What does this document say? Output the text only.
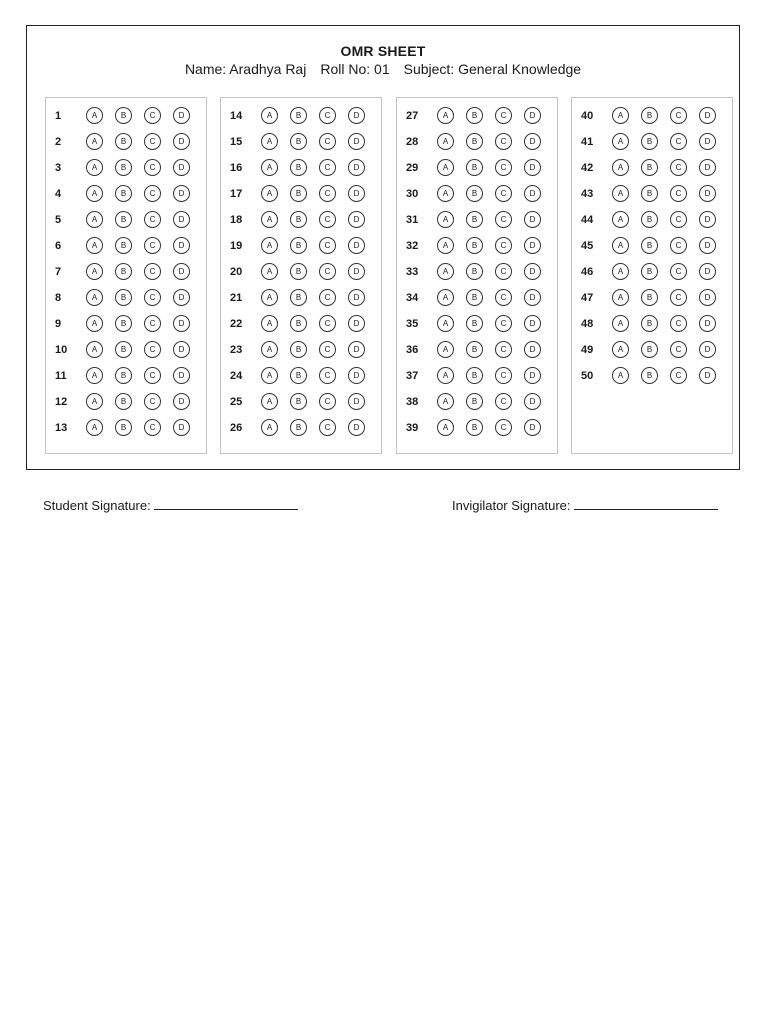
OMR SHEET
Name: Aradhya Raj Roll No: 01 Subject: General Knowledge
1	A	B	C	D
2	A	B	C	D
3	A	B	C	D
4	A	B	C	D
5	A	B	C	D
6	A	B	C	D
7	A	B	C	D
8	A	B	C	D
9	A	B	C	D
10	A	B	C	D
11	A	B	C	D
12	A	B	C	D
13	A	B	C	D
14	A	B	C	D
15	A	B	C	D
16	A	B	C	D
17	A	B	C	D
18	A	B	C	D
19	A	B	C	D
20	A	B	C	D
21	A	B	C	D
22	A	B	C	D
23	A	B	C	D
24	A	B	C	D
25	A	B	C	D
26	A	B	C	D
27	A	B	C	D
28	A	B	C	D
29	A	B	C	D
30	A	B	C	D
31	A	B	C	D
32	A	B	C	D
33	A	B	C	D
34	A	B	C	D
35	A	B	C	D
36	A	B	C	D
37	A	B	C	D
38	A	B	C	D
39	A	B	C	D
40	A	B	C	D
41	A	B	C	D
42	A	B	C	D
43	A	B	C	D
44	A	B	C	D
45	A	B	C	D
46	A	B	C	D
47	A	B	C	D
48	A	B	C	D
49	A	B	C	D
50	A	B	C	D
Student Signature:	Invigilator Signature:
